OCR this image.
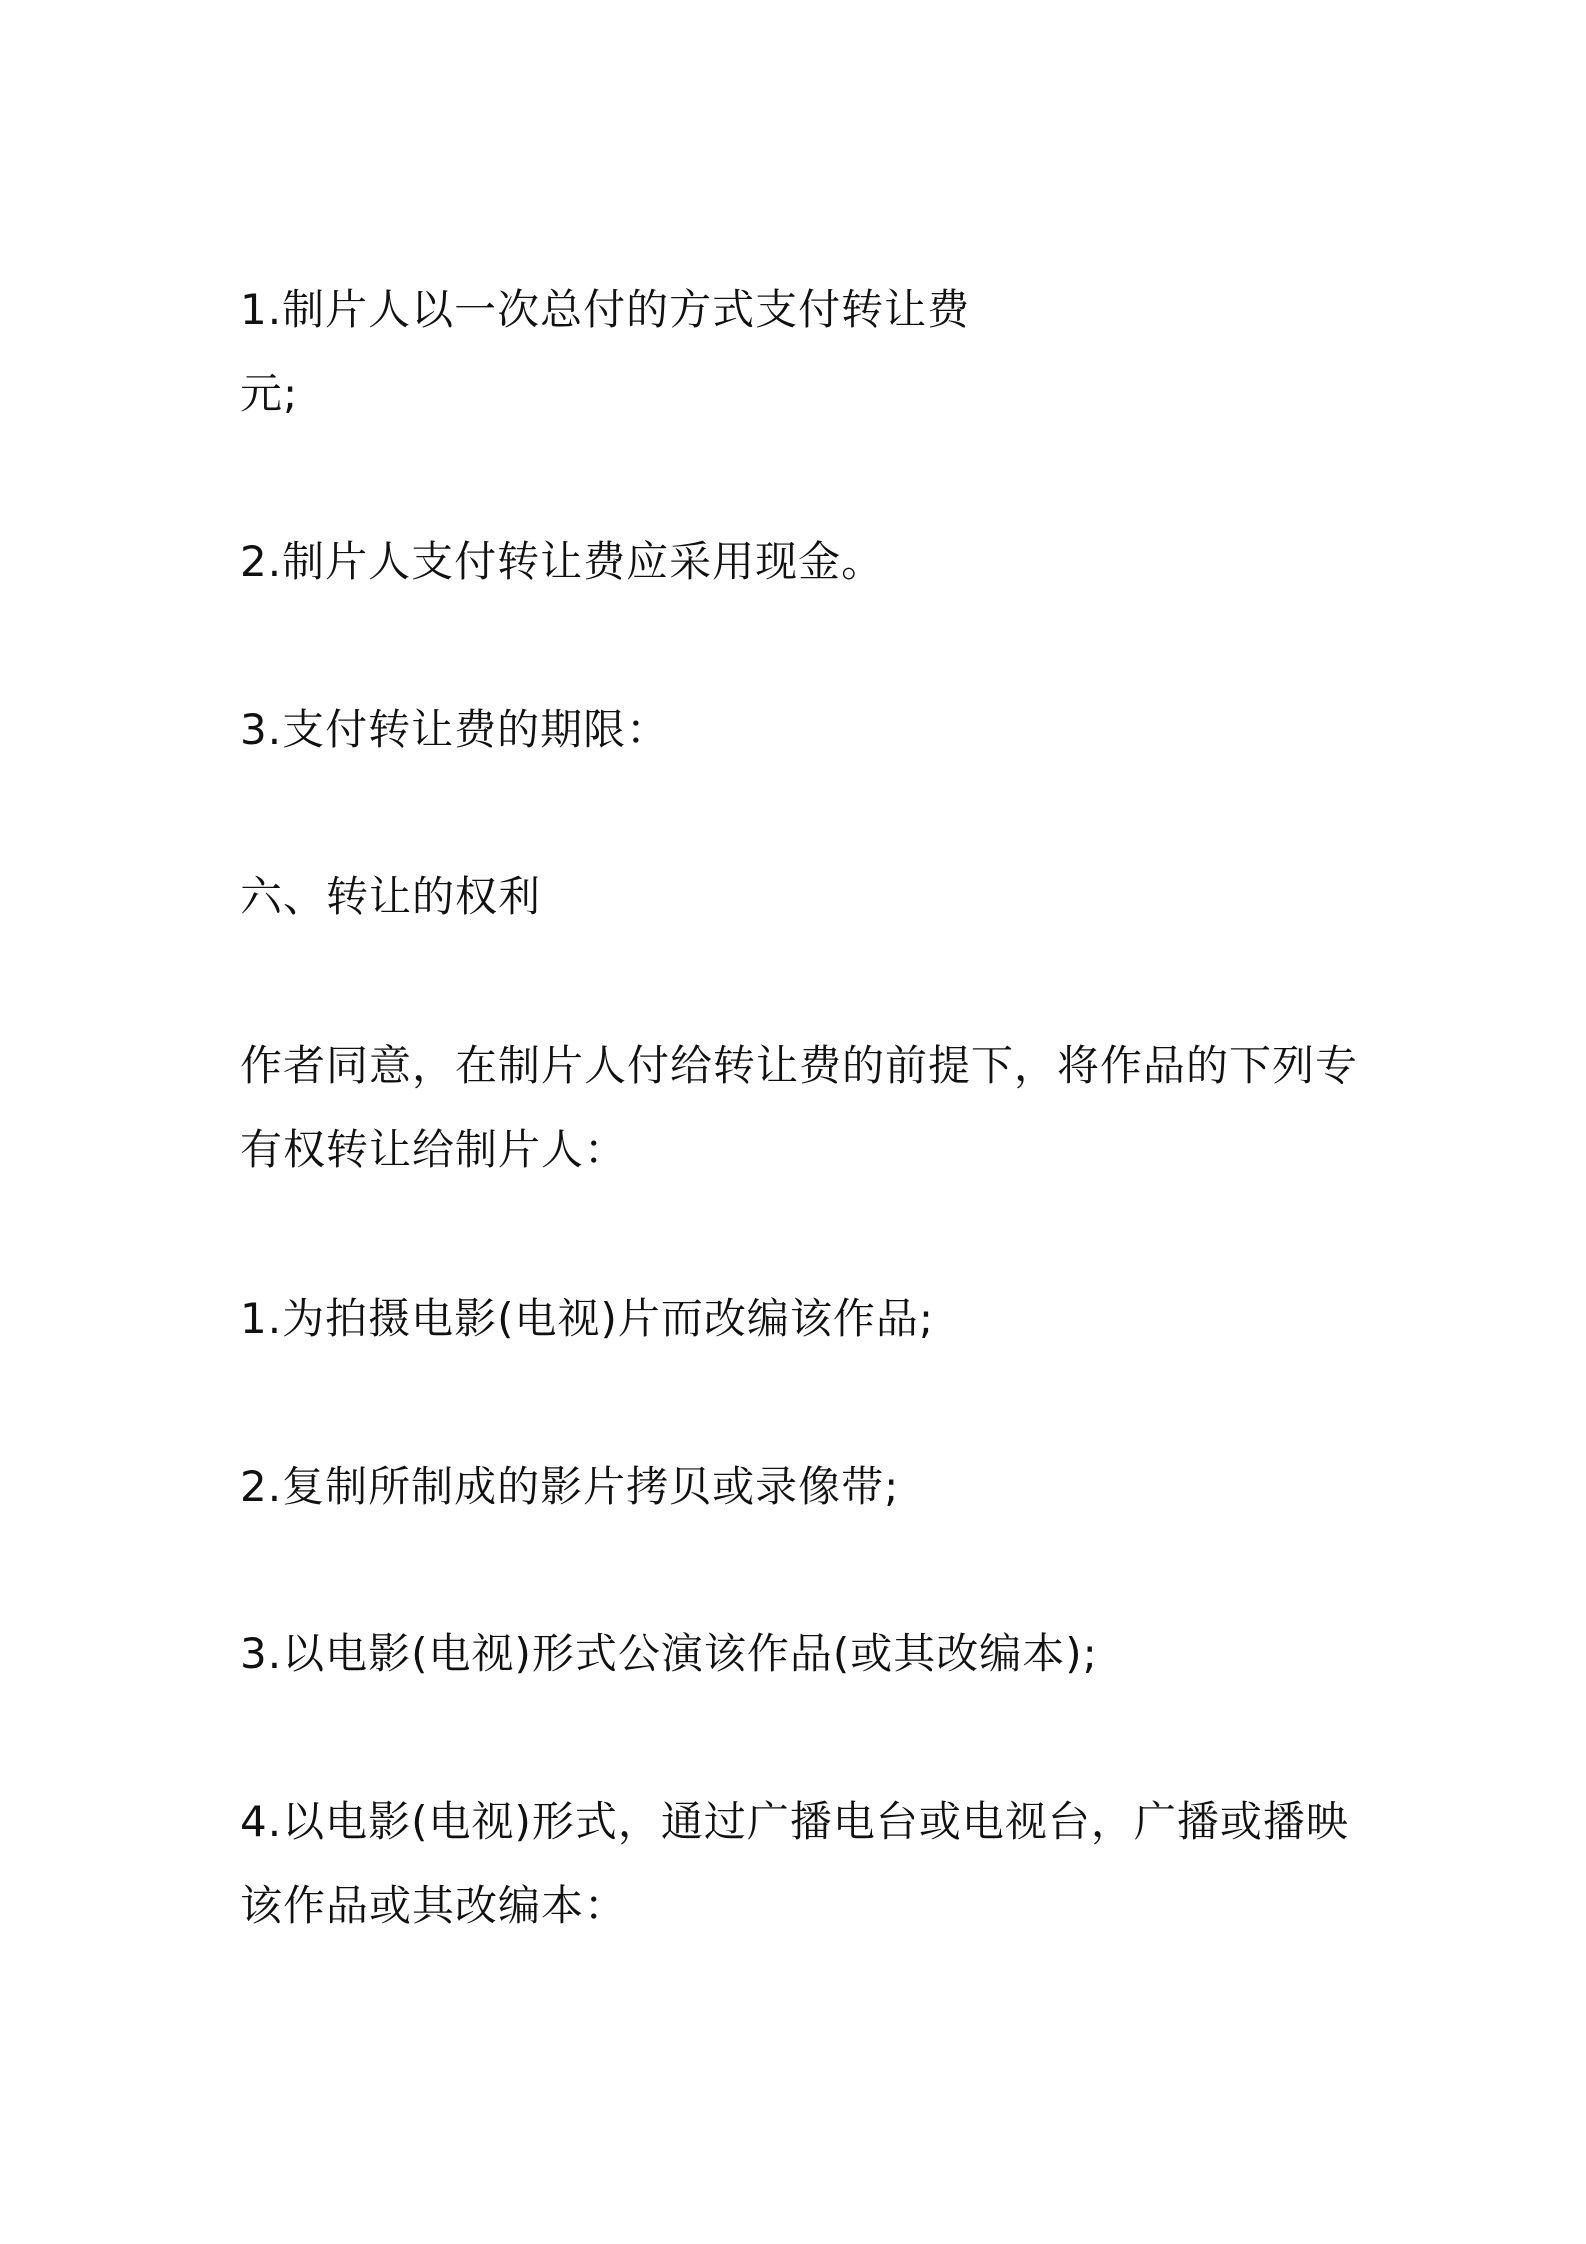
1.制片人以一次总付的方式支付转让费
元;
2.制片人支付转让费应采用现金。
3.支付转让费的期限：
六、转让的权利
作者同意，在制片人付给转让费的前提下，将作品的下列专
有权转让给制片人：
1.为拍摄电影(电视)片而改编该作品;
2.复制所制成的影片拷贝或录像带;
3.以电影(电视)形式公演该作品(或其改编本);
4.以电影(电视)形式，通过广播电台或电视台，广播或播映
该作品或其改编本：
